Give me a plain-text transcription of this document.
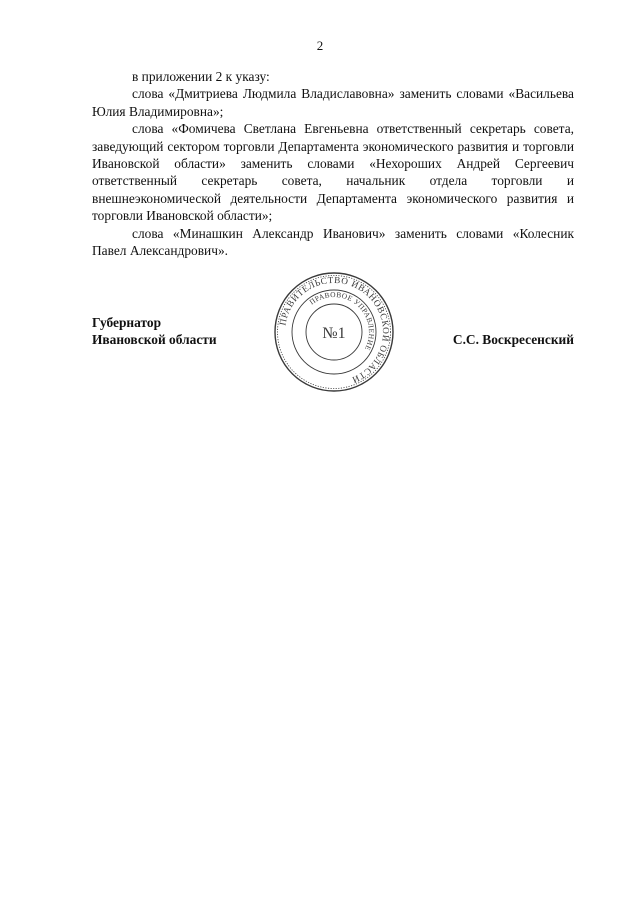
2

в приложении 2 к указу:

слова «Дмитриева Людмила Владиславовна» заменить словами «Васильева Юлия Владимировна»;

слова «Фомичева Светлана Евгеньевна ответственный секретарь совета, заведующий сектором торговли Департамента экономического развития и торговли Ивановской области» заменить словами «Нехороших Андрей Сергеевич ответственный секретарь совета, начальник отдела торговли и внешнеэкономической деятельности Департамента экономического развития и торговли Ивановской области»;

слова «Минашкин Александр Иванович» заменить словами «Колесник Павел Александрович».

Губернатор
Ивановской области
ПРАВИТЕЛЬСТВО ИВАНОВСКОЙ ОБЛАСТИ
ПРАВОВОЕ УПРАВЛЕНИЕ
№1	С.С. Воскресенский
